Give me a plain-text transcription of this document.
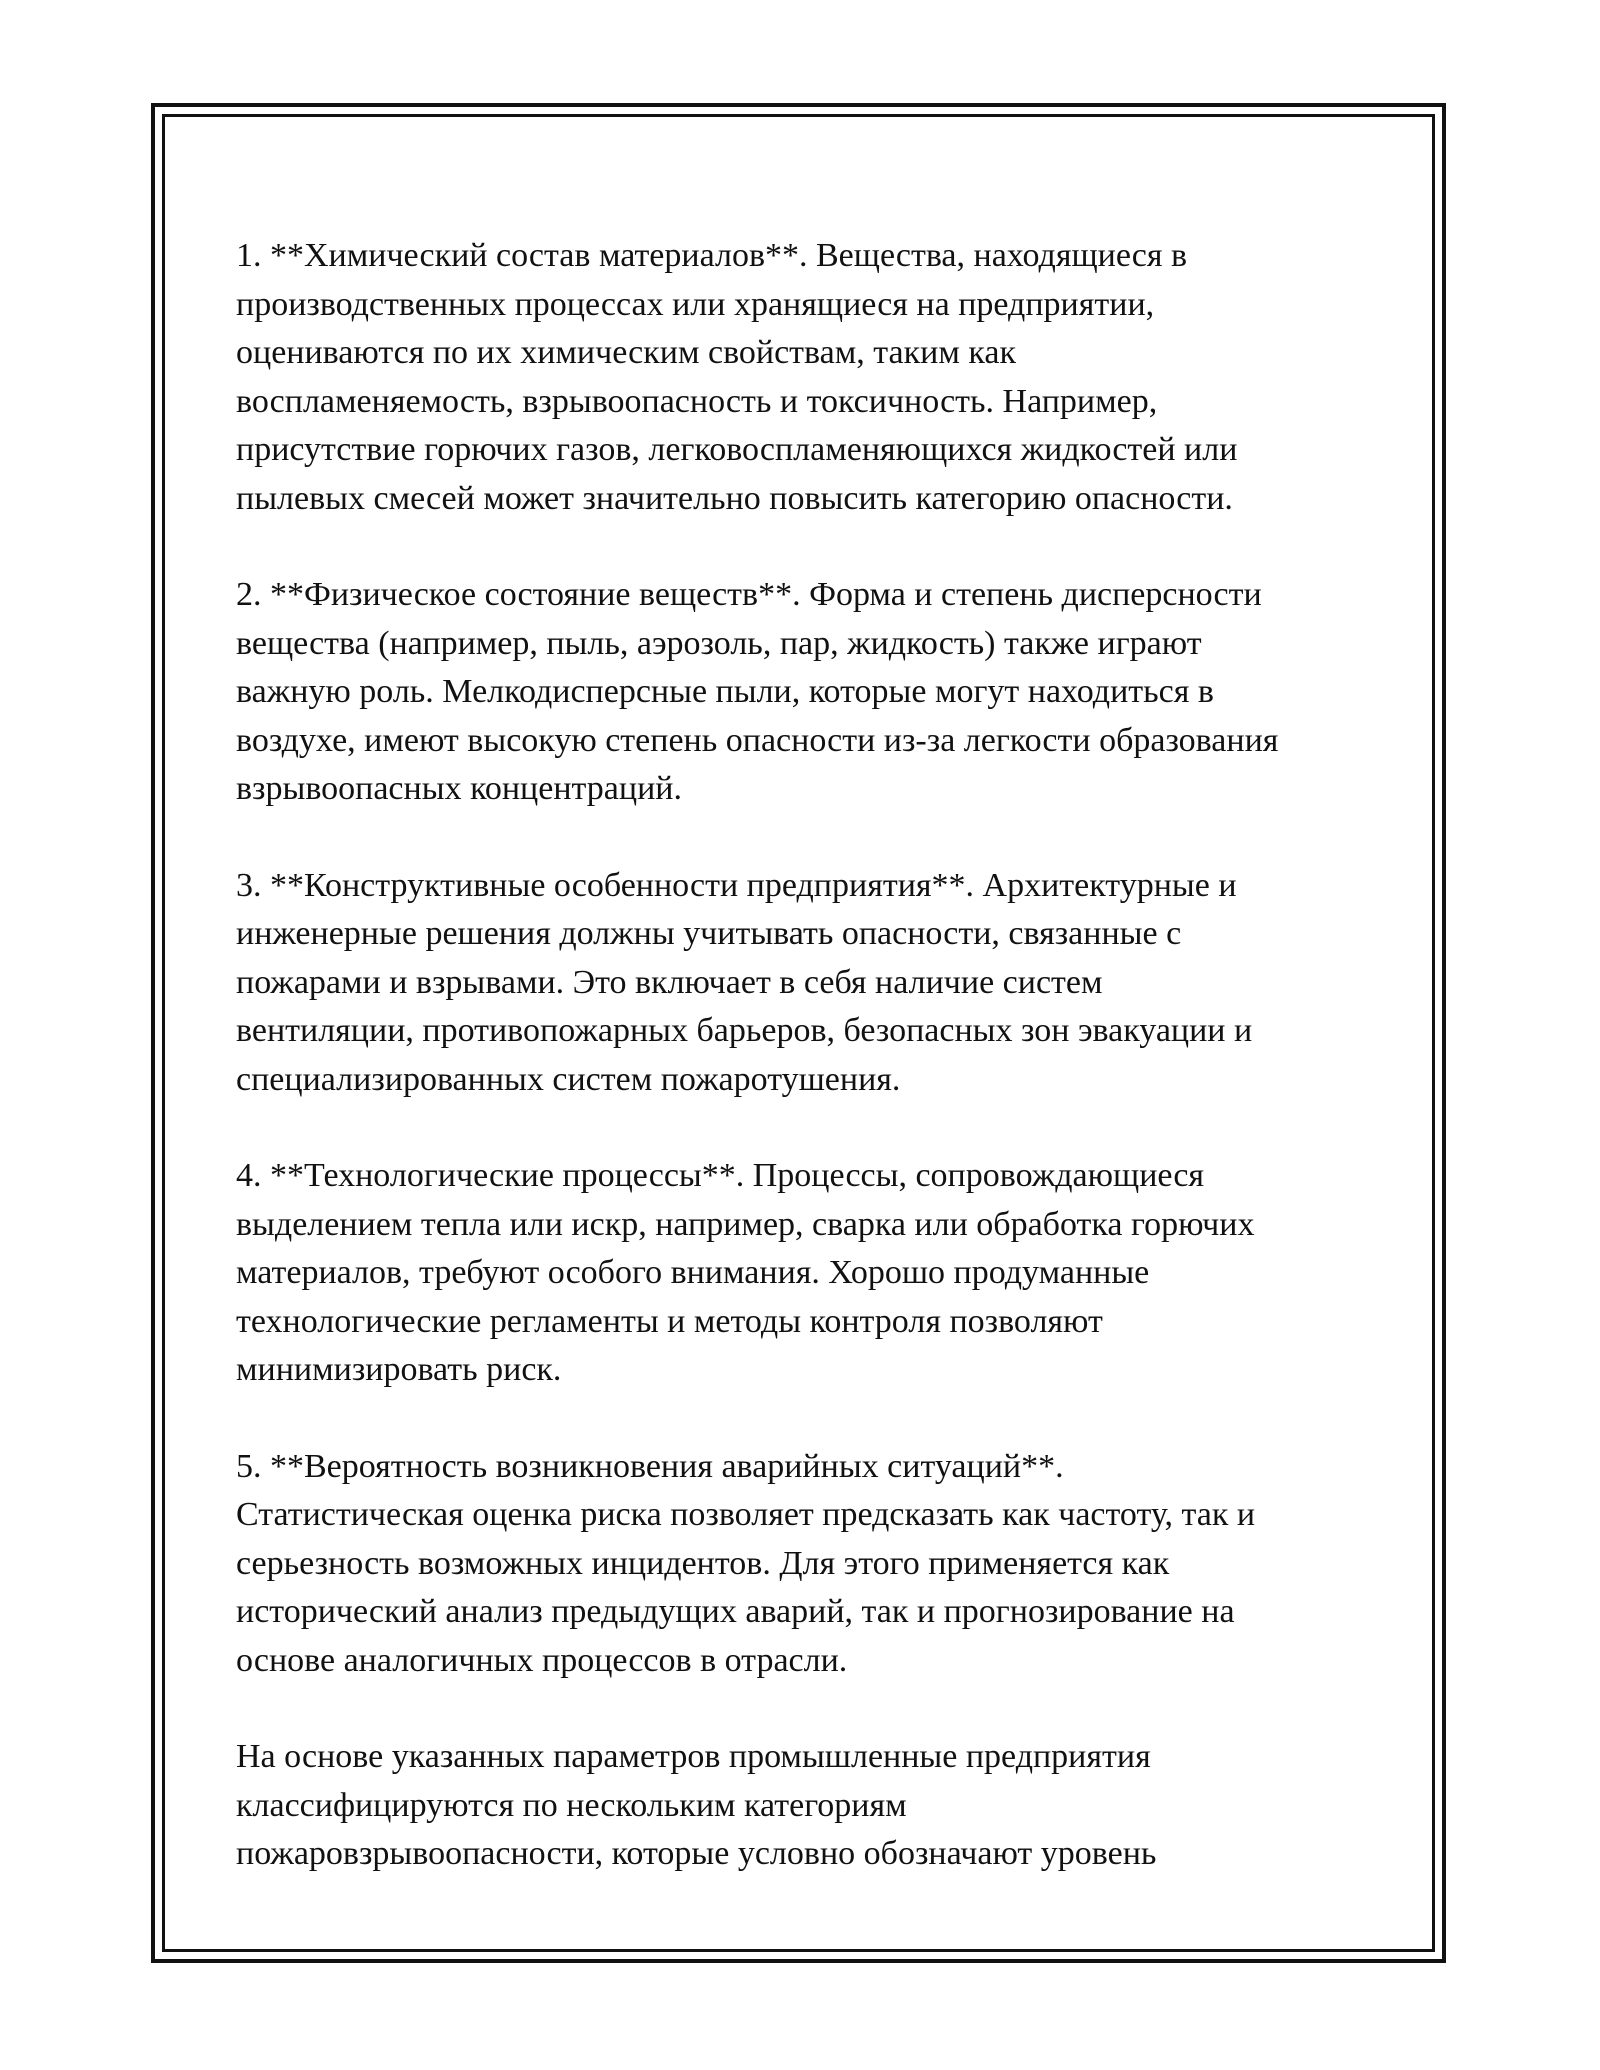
1. **Химический состав материалов**. Вещества, находящиеся в
производственных процессах или хранящиеся на предприятии,
оцениваются по их химическим свойствам, таким как
воспламеняемость, взрывоопасность и токсичность. Например,
присутствие горючих газов, легковоспламеняющихся жидкостей или
пылевых смесей может значительно повысить категорию опасности.

2. **Физическое состояние веществ**. Форма и степень дисперсности
вещества (например, пыль, аэрозоль, пар, жидкость) также играют
важную роль. Мелкодисперсные пыли, которые могут находиться в
воздухе, имеют высокую степень опасности из-за легкости образования
взрывоопасных концентраций.

3. **Конструктивные особенности предприятия**. Архитектурные и
инженерные решения должны учитывать опасности, связанные с
пожарами и взрывами. Это включает в себя наличие систем
вентиляции, противопожарных барьеров, безопасных зон эвакуации и
специализированных систем пожаротушения.

4. **Технологические процессы**. Процессы, сопровождающиеся
выделением тепла или искр, например, сварка или обработка горючих
материалов, требуют особого внимания. Хорошо продуманные
технологические регламенты и методы контроля позволяют
минимизировать риск.

5. **Вероятность возникновения аварийных ситуаций**.
Статистическая оценка риска позволяет предсказать как частоту, так и
серьезность возможных инцидентов. Для этого применяется как
исторический анализ предыдущих аварий, так и прогнозирование на
основе аналогичных процессов в отрасли.

На основе указанных параметров промышленные предприятия
классифицируются по нескольким категориям
пожаровзрывоопасности, которые условно обозначают уровень
